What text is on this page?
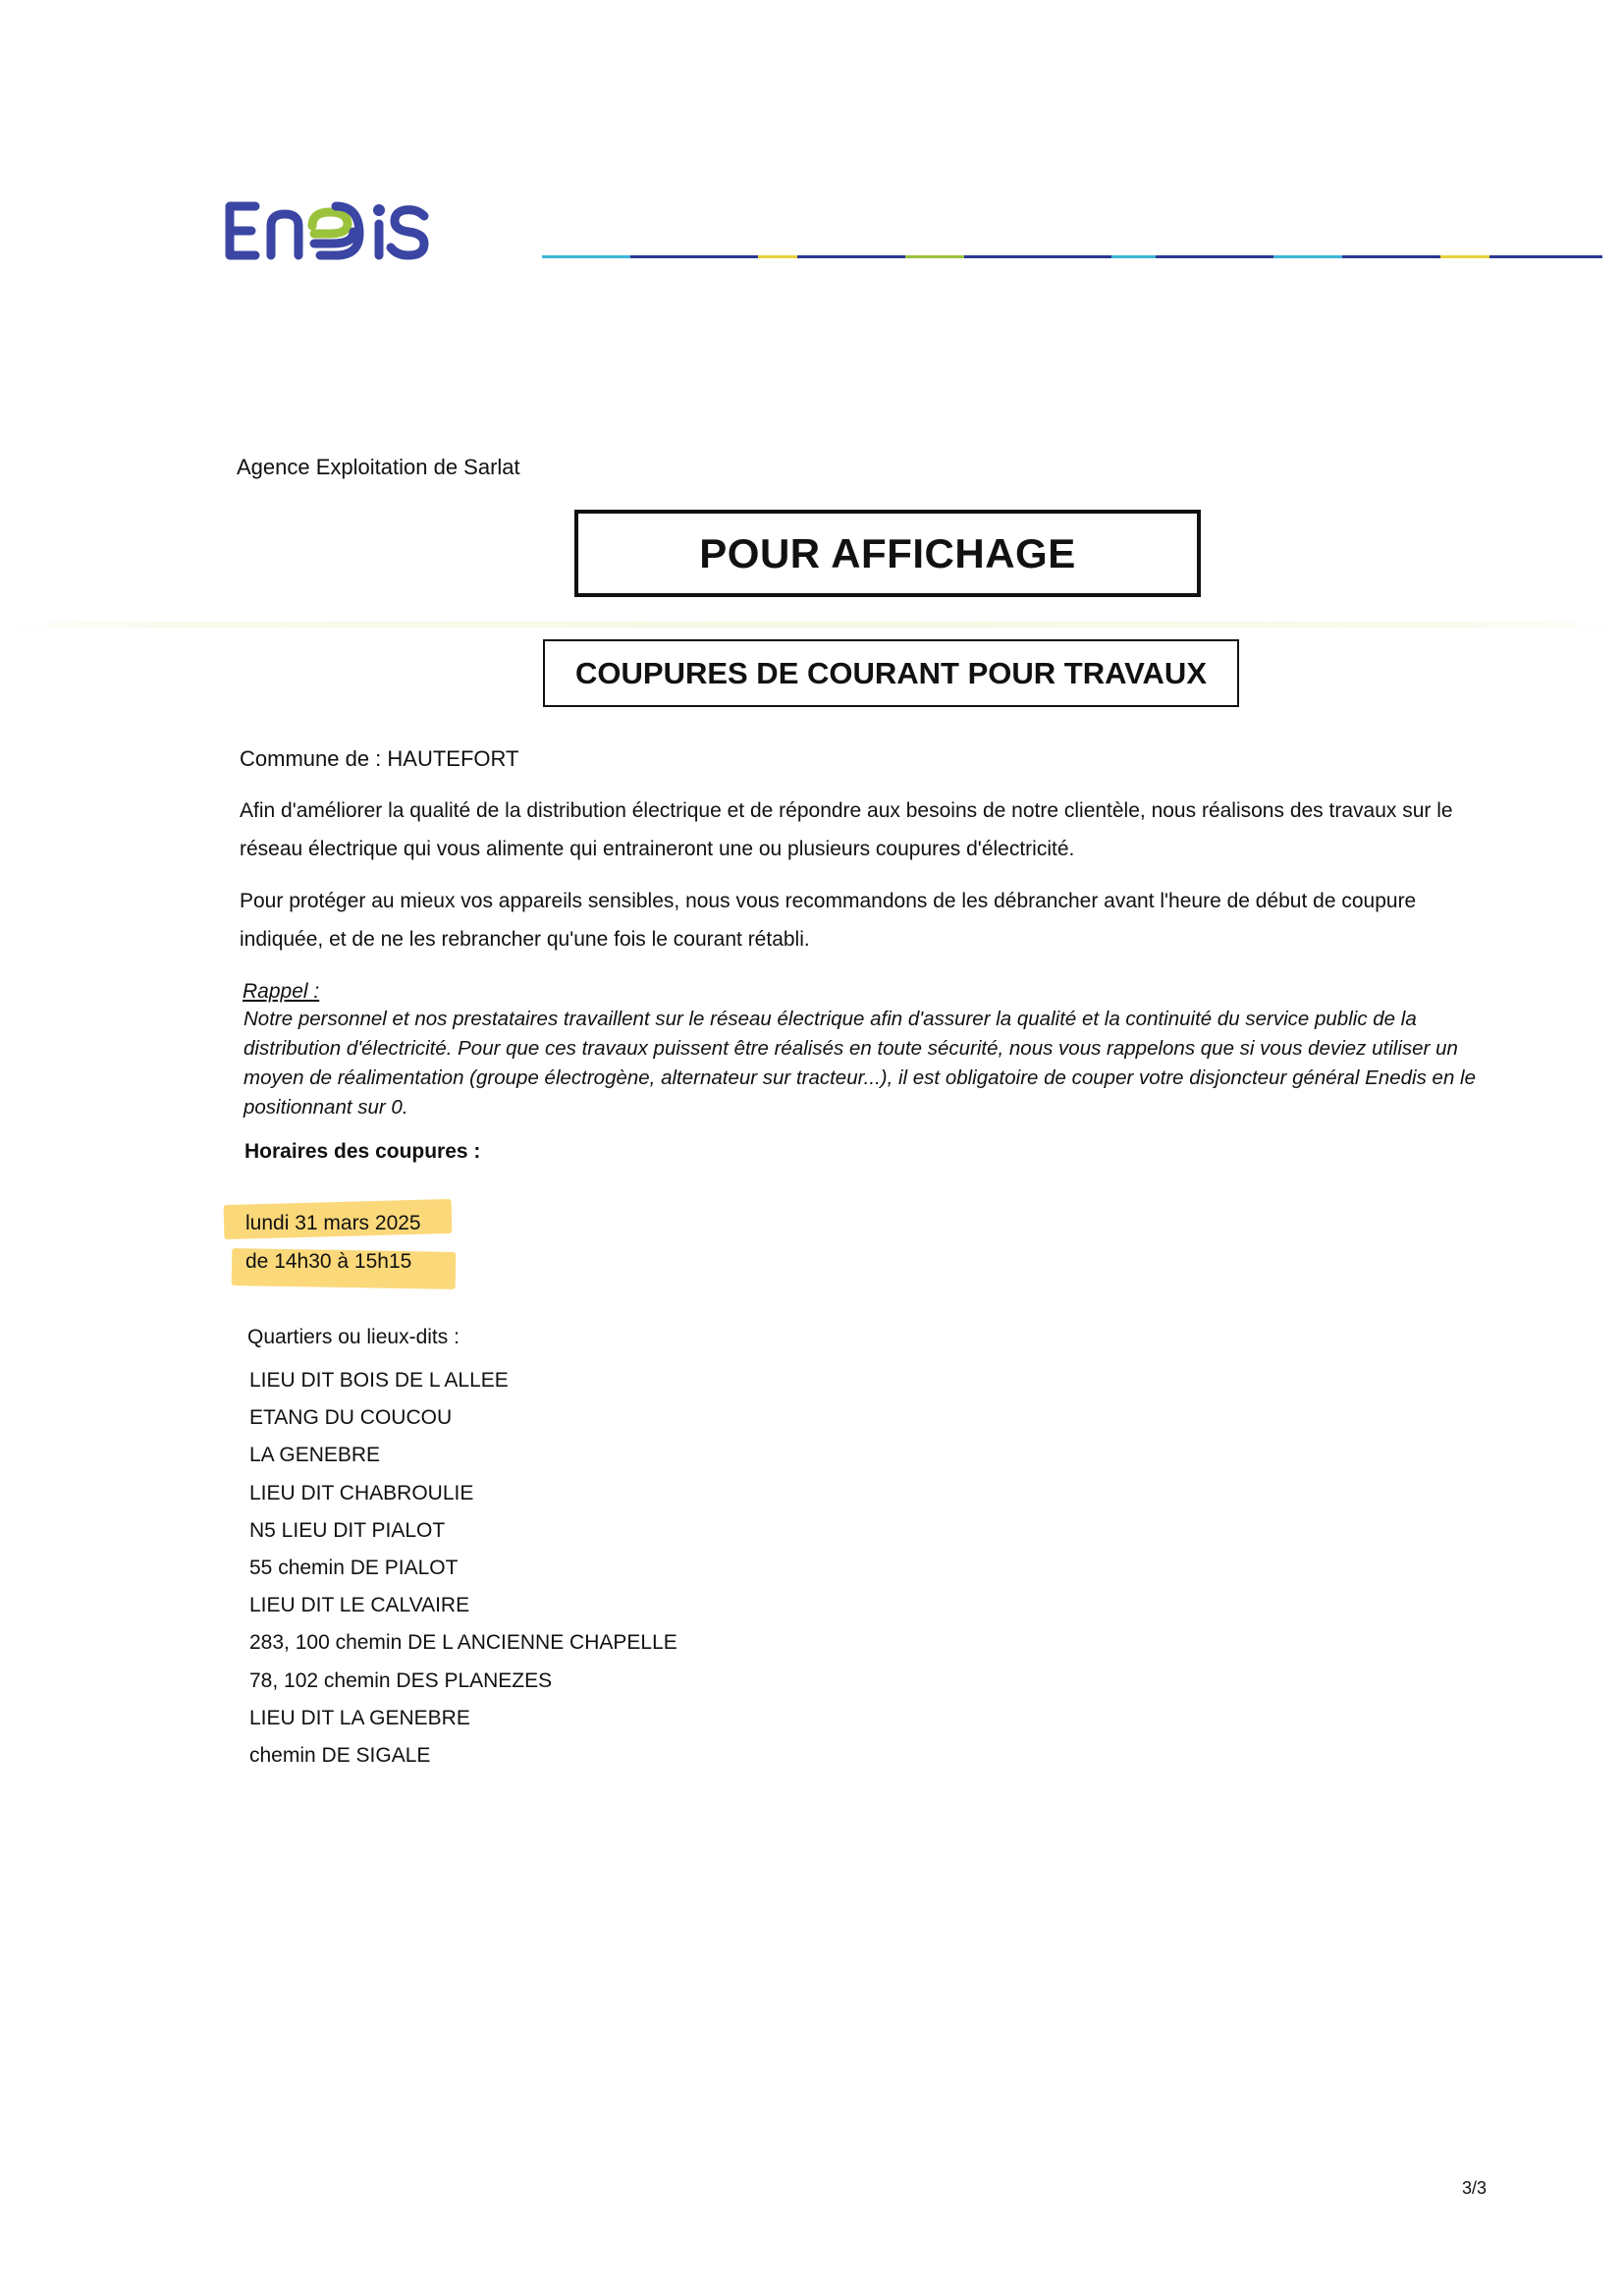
Agence Exploitation de Sarlat
POUR AFFICHAGE
COUPURES DE COURANT POUR TRAVAUX
Commune de : HAUTEFORT
Afin d'améliorer la qualité de la distribution électrique et de répondre aux besoins de notre clientèle, nous réalisons des travaux sur le réseau électrique qui vous alimente qui entraineront une ou plusieurs coupures d'électricité.
Pour protéger au mieux vos appareils sensibles, nous vous recommandons de les débrancher avant l'heure de début de coupure indiquée, et de ne les rebrancher qu'une fois le courant rétabli.
Rappel :
Notre personnel et nos prestataires travaillent sur le réseau électrique afin d'assurer la qualité et la continuité du service public de la distribution d'électricité. Pour que ces travaux puissent être réalisés en toute sécurité, nous vous rappelons que si vous deviez utiliser un moyen de réalimentation (groupe électrogène, alternateur sur tracteur...), il est obligatoire de couper votre disjoncteur général Enedis en le positionnant sur 0.
Horaires des coupures :
lundi 31 mars 2025
de 14h30 à 15h15
Quartiers ou lieux-dits :
LIEU DIT BOIS DE L ALLEE
ETANG DU COUCOU
LA GENEBRE
LIEU DIT CHABROULIE
N5 LIEU DIT PIALOT
55 chemin DE PIALOT
LIEU DIT LE CALVAIRE
283, 100 chemin DE L ANCIENNE CHAPELLE
78, 102 chemin DES PLANEZES
LIEU DIT LA GENEBRE
chemin DE SIGALE
3/3
